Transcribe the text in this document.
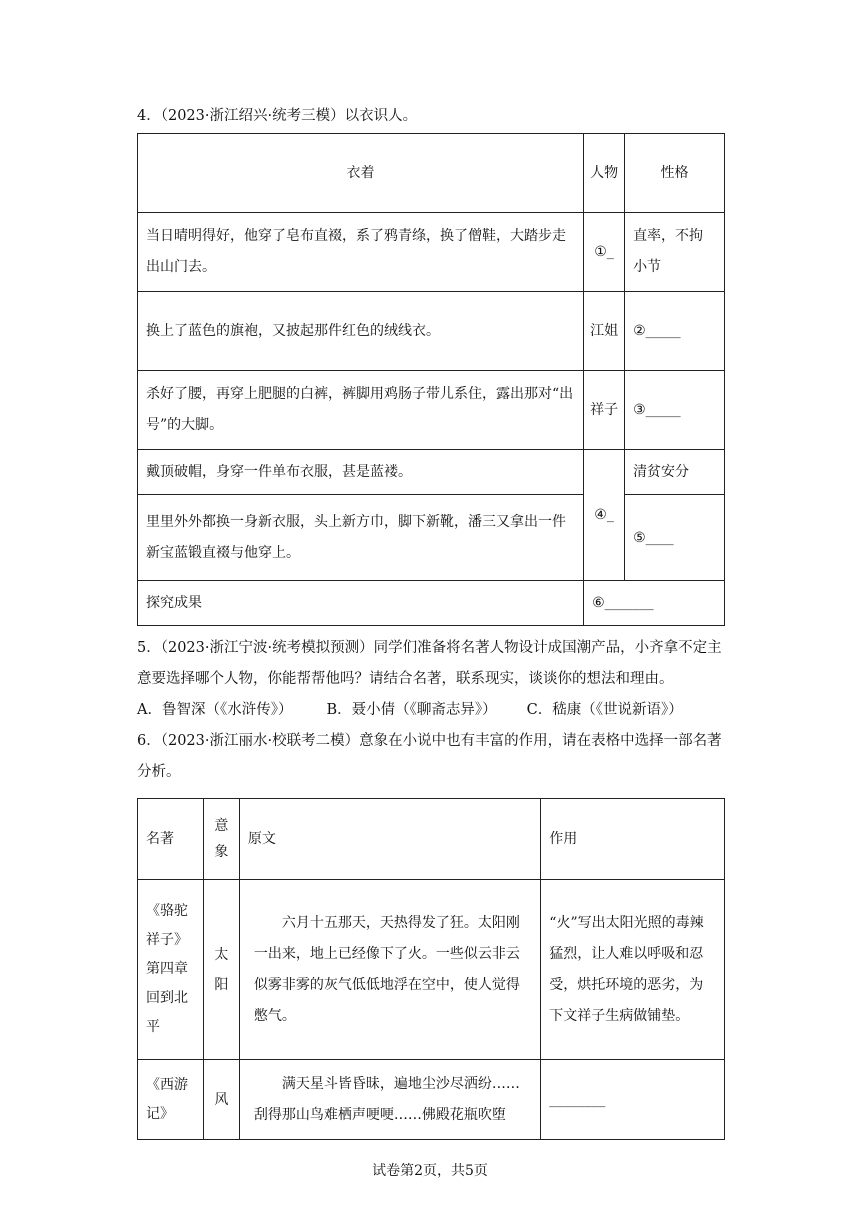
4．（2023·浙江绍兴·统考三模）以衣识人。

衣着	人物	性格
当日晴明得好，他穿了皂布直裰，系了鸦青绦，换了僧鞋，大踏步走出山门去。	①_	直率，不拘小节
换上了蓝色的旗袍，又披起那件红色的绒线衣。	江姐	②_____
杀好了腰，再穿上肥腿的白裤，裤脚用鸡肠子带儿系住，露出那对“出号”的大脚。	祥子	③_____
戴顶破帽，身穿一件单布衣服，甚是蓝褛。	④_	清贫安分
里里外外都换一身新衣服，头上新方巾，脚下新靴，潘三又拿出一件新宝蓝锻直裰与他穿上。		⑤____
探究成果	⑥_______	

5．（2023·浙江宁波·统考模拟预测）同学们准备将名著人物设计成国潮产品，小齐拿不定主意要选择哪个人物，你能帮帮他吗？请结合名著，联系现实，谈谈你的想法和理由。

A．鲁智深（《水浒传》） B．聂小倩（《聊斋志异》） C．嵇康（《世说新语》）

6．（2023·浙江丽水·校联考二模）意象在小说中也有丰富的作用，请在表格中选择一部名著分析。

名著	意象	原文	作用
《骆驼祥子》第四章回到北平	太阳	六月十五那天，天热得发了狂。太阳刚一出来，地上已经像下了火。一些似云非云似雾非雾的灰气低低地浮在空中，使人觉得憋气。	“火”写出太阳光照的毒辣猛烈，让人难以呼吸和忍受，烘托环境的恶劣，为下文祥子生病做铺垫。
《西游记》	风	满天星斗皆昏昧，遍地尘沙尽洒纷……刮得那山鸟难栖声哽哽……佛殿花瓶吹堕	________
试卷第2页，共5页
